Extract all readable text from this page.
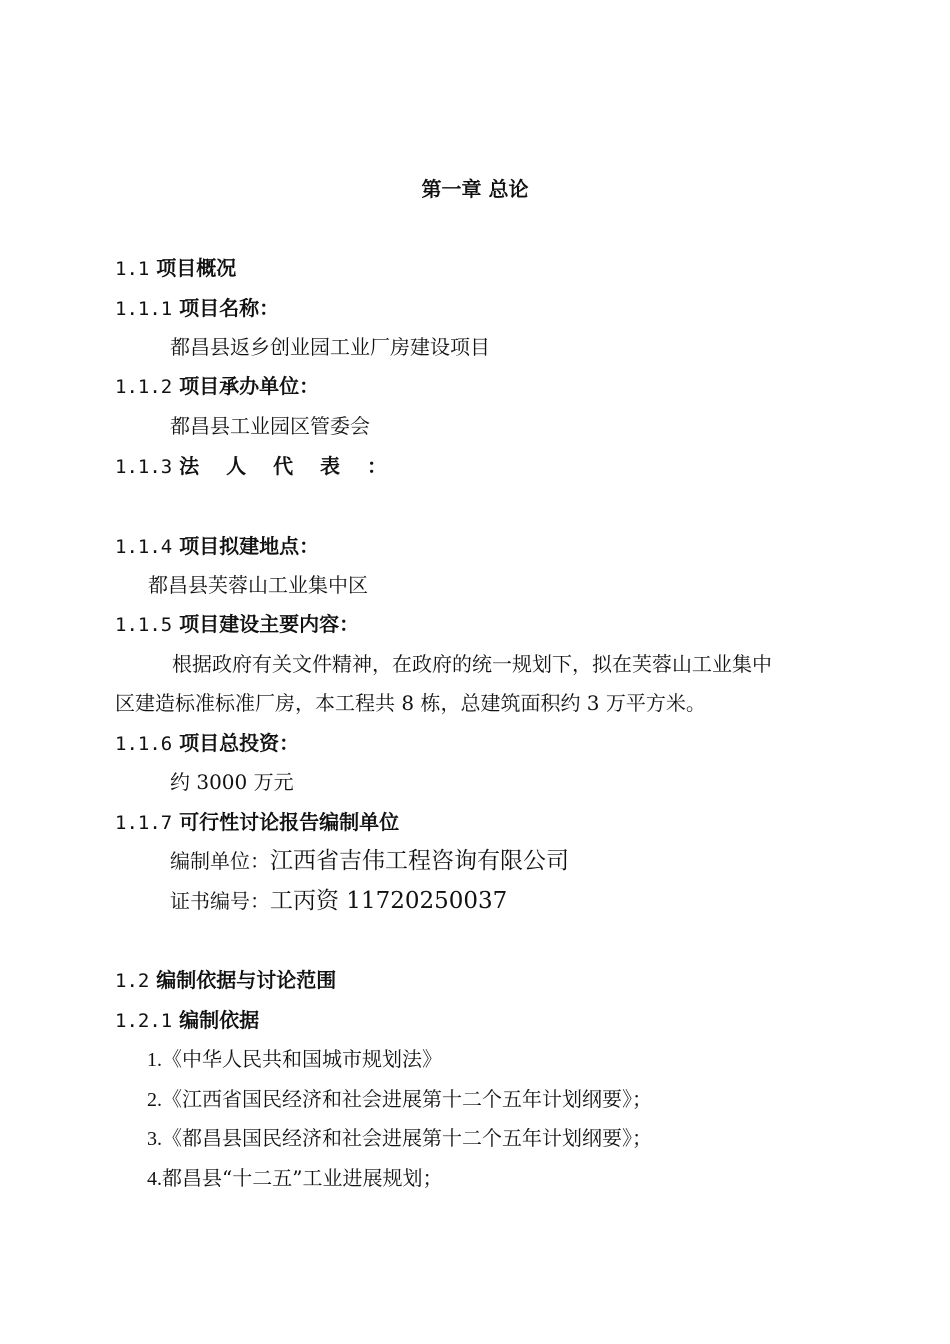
第一章 总论
1.1 项目概况
1.1.1 项目名称：
都昌县返乡创业园工业厂房建设项目
1.1.2 项目承办单位：
都昌县工业园区管委会
1.1.3 法 人 代 表 ：
1.1.4 项目拟建地点：
都昌县芙蓉山工业集中区
1.1.5 项目建设主要内容：
根据政府有关文件精神，在政府的统一规划下，拟在芙蓉山工业集中
区建造标准标准厂房，本工程共 8 栋，总建筑面积约 3 万平方米。
1.1.6 项目总投资：
约 3000 万元
1.1.7 可行性讨论报告编制单位
编制单位：江西省吉伟工程咨询有限公司
证书编号：工丙资 11720250037
1.2 编制依据与讨论范围
1.2.1 编制依据
1.《中华人民共和国城市规划法》
2.《江西省国民经济和社会进展第十二个五年计划纲要》；
3.《都昌县国民经济和社会进展第十二个五年计划纲要》；
4.都昌县“十二五”工业进展规划；
